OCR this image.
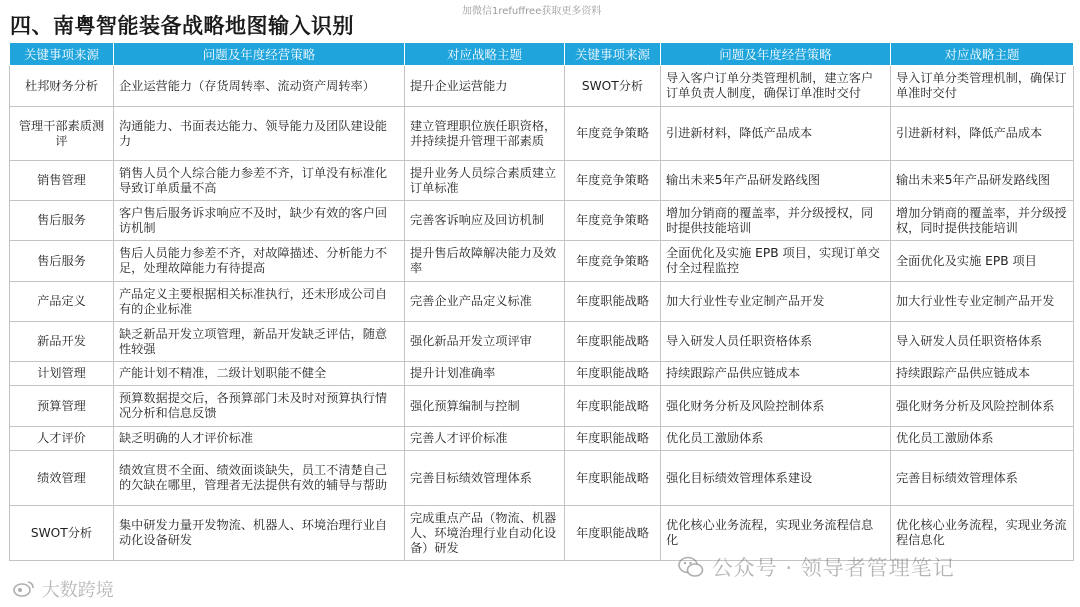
四、南粤智能装备战略地图输入识别
加微信1refuffree获取更多资料
关键事项来源	问题及年度经营策略	对应战略主题	关键事项来源	问题及年度经营策略	对应战略主题
杜邦财务分析	企业运营能力（存货周转率、流动资产周转率）	提升企业运营能力	SWOT分析	导入客户订单分类管理机制，建立客户订单负责人制度，确保订单准时交付	导入订单分类管理机制，确保订单准时交付
管理干部素质测评	沟通能力、书面表达能力、领导能力及团队建设能力	建立管理职位族任职资格，并持续提升管理干部素质	年度竞争策略	引进新材料，降低产品成本	引进新材料，降低产品成本
销售管理	销售人员个人综合能力参差不齐，订单没有标准化导致订单质量不高	提升业务人员综合素质建立订单标准	年度竞争策略	输出未来5年产品研发路线图	输出未来5年产品研发路线图
售后服务	客户售后服务诉求响应不及时，缺少有效的客户回访机制	完善客诉响应及回访机制	年度竞争策略	增加分销商的覆盖率，并分级授权，同时提供技能培训	增加分销商的覆盖率，并分级授权，同时提供技能培训
售后服务	售后人员能力参差不齐，对故障描述、分析能力不足，处理故障能力有待提高	提升售后故障解决能力及效率	年度竞争策略	全面优化及实施 EPB 项目，实现订单交付全过程监控	全面优化及实施 EPB 项目
产品定义	产品定义主要根据相关标准执行，还未形成公司自有的企业标准	完善企业产品定义标准	年度职能战略	加大行业性专业定制产品开发	加大行业性专业定制产品开发
新品开发	缺乏新品开发立项管理，新品开发缺乏评估，随意性较强	强化新品开发立项评审	年度职能战略	导入研发人员任职资格体系	导入研发人员任职资格体系
计划管理	产能计划不精准，二级计划职能不健全	提升计划准确率	年度职能战略	持续跟踪产品供应链成本	持续跟踪产品供应链成本
预算管理	预算数据提交后，各预算部门未及时对预算执行情况分析和信息反馈	强化预算编制与控制	年度职能战略	强化财务分析及风险控制体系	强化财务分析及风险控制体系
人才评价	缺乏明确的人才评价标准	完善人才评价标准	年度职能战略	优化员工激励体系	优化员工激励体系
绩效管理	绩效宣贯不全面、绩效面谈缺失，员工不清楚自己的欠缺在哪里，管理者无法提供有效的辅导与帮助	完善目标绩效管理体系	年度职能战略	强化目标绩效管理体系建设	完善目标绩效管理体系
SWOT分析	集中研发力量开发物流、机器人、环境治理行业自动化设备研发	完成重点产品（物流、机器人、环境治理行业自动化设备）研发	年度职能战略	优化核心业务流程，实现业务流程信息化	优化核心业务流程，实现业务流程信息化
大数跨境
公众号 · 领导者管理笔记
